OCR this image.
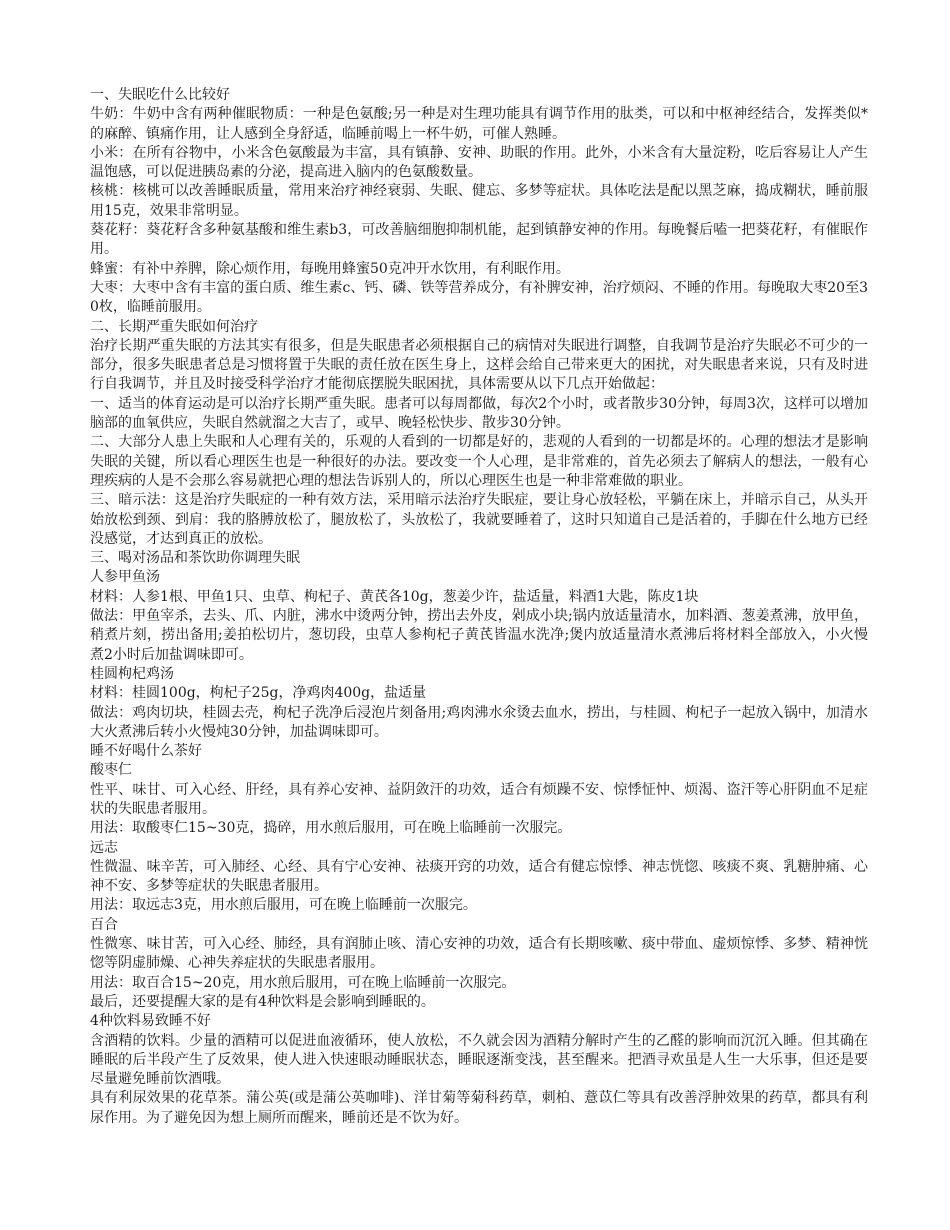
一、失眠吃什么比较好

牛奶：牛奶中含有两种催眠物质：一种是色氨酸;另一种是对生理功能具有调节作用的肽类，可以和中枢神经结合，发挥类似*的麻醉、镇痛作用，让人感到全身舒适，临睡前喝上一杯牛奶，可催人熟睡。

小米：在所有谷物中，小米含色氨酸最为丰富，具有镇静、安神、助眠的作用。此外，小米含有大量淀粉，吃后容易让人产生温饱感，可以促进胰岛素的分泌，提高进入脑内的色氨酸数量。

核桃：核桃可以改善睡眠质量，常用来治疗神经衰弱、失眠、健忘、多梦等症状。具体吃法是配以黑芝麻，捣成糊状，睡前服用15克，效果非常明显。

葵花籽：葵花籽含多种氨基酸和维生素b3，可改善脑细胞抑制机能，起到镇静安神的作用。每晚餐后嗑一把葵花籽，有催眠作用。

蜂蜜：有补中养脾，除心烦作用，每晚用蜂蜜50克冲开水饮用，有利眠作用。

大枣：大枣中含有丰富的蛋白质、维生素c、钙、磷、铁等营养成分，有补脾安神，治疗烦闷、不睡的作用。每晚取大枣20至30枚，临睡前服用。

二、长期严重失眠如何治疗

治疗长期严重失眠的方法其实有很多，但是失眠患者必须根据自己的病情对失眠进行调整，自我调节是治疗失眠必不可少的一部分，很多失眠患者总是习惯将置于失眠的责任放在医生身上，这样会给自己带来更大的困扰，对失眠患者来说，只有及时进行自我调节，并且及时接受科学治疗才能彻底摆脱失眠困扰，具体需要从以下几点开始做起：

一、适当的体育运动是可以治疗长期严重失眠。患者可以每周都做，每次2个小时，或者散步30分钟，每周3次，这样可以增加脑部的血氧供应，失眠自然就溜之大吉了，或早、晚轻松快步、散步30分钟。

二、大部分人患上失眠和人心理有关的，乐观的人看到的一切都是好的，悲观的人看到的一切都是坏的。心理的想法才是影响失眠的关键，所以看心理医生也是一种很好的办法。要改变一个人心理，是非常难的，首先必须去了解病人的想法，一般有心理疾病的人是不会那么容易就把心理的想法告诉别人的，所以心理医生也是一种非常难做的职业。

三、暗示法：这是治疗失眠症的一种有效方法，采用暗示法治疗失眠症，要让身心放轻松，平躺在床上，并暗示自己，从头开始放松到颈、到肩：我的胳膊放松了，腿放松了，头放松了，我就要睡着了，这时只知道自己是活着的，手脚在什么地方已经没感觉，才达到真正的放松。

三、喝对汤品和茶饮助你调理失眠

人参甲鱼汤

材料：人参1根、甲鱼1只、虫草、枸杞子、黄芪各10g，葱姜少许，盐适量，料酒1大匙，陈皮1块

做法：甲鱼宰杀，去头、爪、内脏，沸水中烫两分钟，捞出去外皮，剁成小块;锅内放适量清水，加料酒、葱姜煮沸，放甲鱼，稍煮片刻，捞出备用;姜拍松切片，葱切段，虫草人参枸杞子黄芪皆温水洗净;煲内放适量清水煮沸后将材料全部放入，小火慢煮2小时后加盐调味即可。

桂圆枸杞鸡汤

材料：桂圆100g，枸杞子25g，净鸡肉400g，盐适量

做法：鸡肉切块，桂圆去壳，枸杞子洗净后浸泡片刻备用;鸡肉沸水氽烫去血水，捞出，与桂圆、枸杞子一起放入锅中，加清水大火煮沸后转小火慢炖30分钟，加盐调味即可。

睡不好喝什么茶好

酸枣仁

性平、味甘、可入心经、肝经，具有养心安神、益阴敛汗的功效，适合有烦躁不安、惊悸怔忡、烦渴、盗汗等心肝阴血不足症状的失眠患者服用。

用法：取酸枣仁15~30克，捣碎，用水煎后服用，可在晚上临睡前一次服完。

远志

性微温、味辛苦，可入肺经、心经、具有宁心安神、祛痰开窍的功效，适合有健忘惊悸、神志恍惚、咳痰不爽、乳糖肿痛、心神不安、多梦等症状的失眠患者服用。

用法：取远志3克，用水煎后服用，可在晚上临睡前一次服完。

百合

性微寒、味甘苦，可入心经、肺经，具有润肺止咳、清心安神的功效，适合有长期咳嗽、痰中带血、虚烦惊悸、多梦、精神恍惚等阴虚肺燥、心神失养症状的失眠患者服用。

用法：取百合15~20克，用水煎后服用，可在晚上临睡前一次服完。

最后，还要提醒大家的是有4种饮料是会影响到睡眠的。

4种饮料易致睡不好

含酒精的饮料。少量的酒精可以促进血液循环，使人放松，不久就会因为酒精分解时产生的乙醛的影响而沉沉入睡。但其确在睡眠的后半段产生了反效果，使人进入快速眼动睡眠状态，睡眠逐渐变浅，甚至醒来。把酒寻欢虽是人生一大乐事，但还是要尽量避免睡前饮酒哦。

具有利尿效果的花草茶。蒲公英(或是蒲公英咖啡)、洋甘菊等菊科药草，刺柏、薏苡仁等具有改善浮肿效果的药草，都具有利尿作用。为了避免因为想上厕所而醒来，睡前还是不饮为好。
